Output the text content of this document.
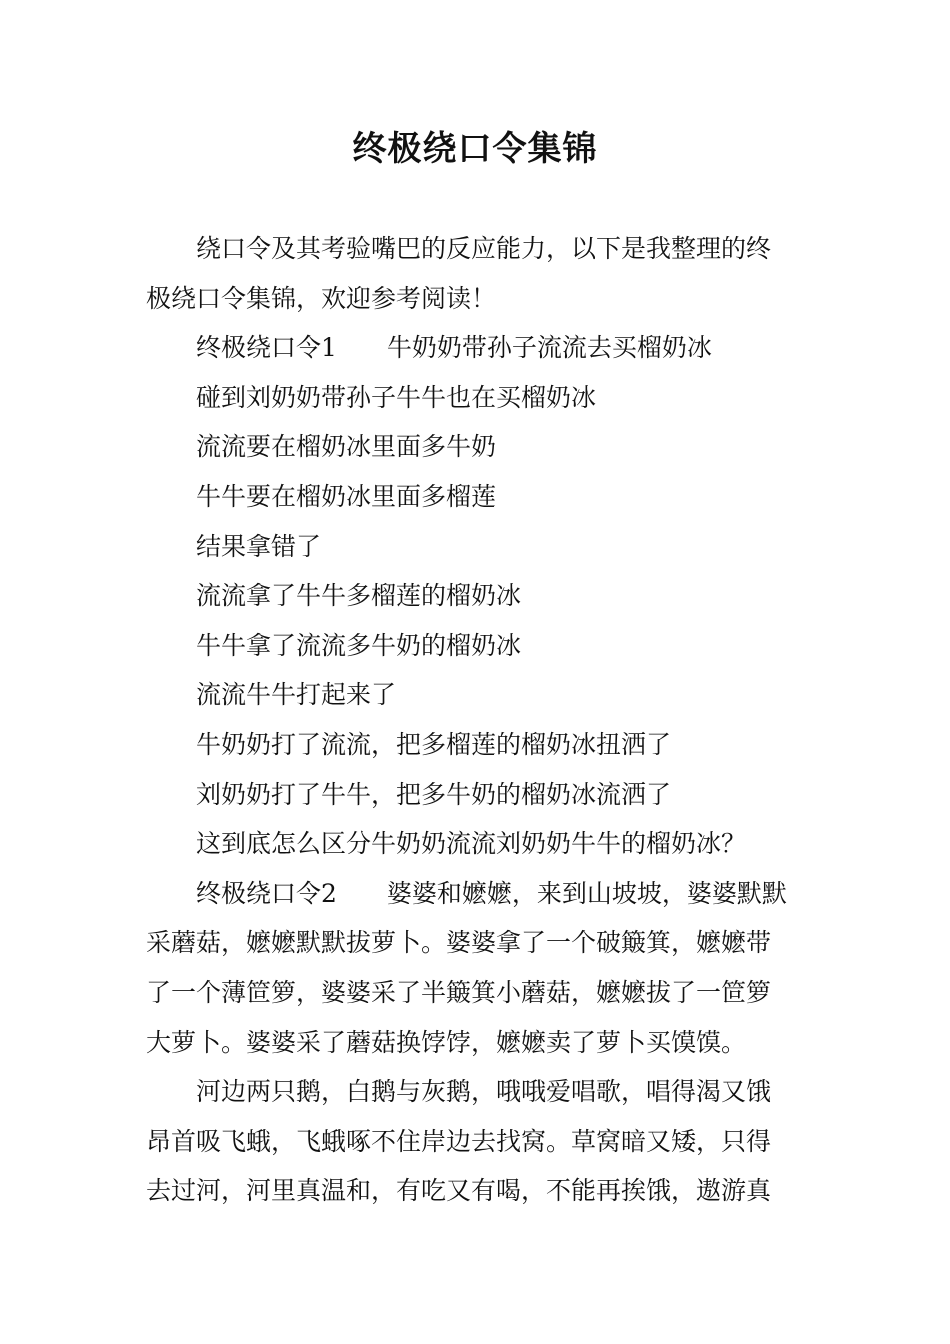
终极绕口令集锦

绕口令及其考验嘴巴的反应能力，以下是我整理的终
极绕口令集锦，欢迎参考阅读！

终极绕口令1 牛奶奶带孙子流流去买榴奶冰

碰到刘奶奶带孙子牛牛也在买榴奶冰

流流要在榴奶冰里面多牛奶

牛牛要在榴奶冰里面多榴莲

结果拿错了

流流拿了牛牛多榴莲的榴奶冰

牛牛拿了流流多牛奶的榴奶冰

流流牛牛打起来了

牛奶奶打了流流，把多榴莲的榴奶冰扭洒了

刘奶奶打了牛牛，把多牛奶的榴奶冰流洒了

这到底怎么区分牛奶奶流流刘奶奶牛牛的榴奶冰？

终极绕口令2 婆婆和嬷嬷，来到山坡坡，婆婆默默
采蘑菇，嬷嬷默默拔萝卜。婆婆拿了一个破簸箕，嬷嬷带
了一个薄笸箩，婆婆采了半簸箕小蘑菇，嬷嬷拔了一笸箩
大萝卜。婆婆采了蘑菇换饽饽，嬷嬷卖了萝卜买馍馍。

河边两只鹅，白鹅与灰鹅，哦哦爱唱歌，唱得渴又饿
昂首吸飞蛾，飞蛾啄不住岸边去找窝。草窝暗又矮，只得
去过河，河里真温和，有吃又有喝，不能再挨饿，遨游真
